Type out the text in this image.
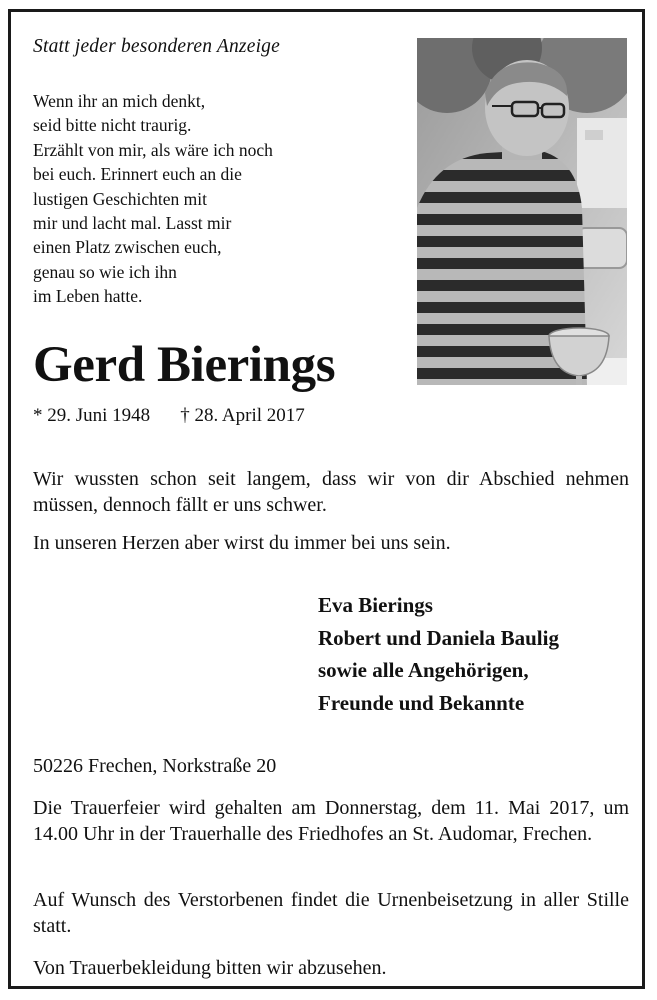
Statt jeder besonderen Anzeige

Wenn ihr an mich denkt,
seid bitte nicht traurig.
Erzählt von mir, als wäre ich noch
bei euch. Erinnert euch an die
lustigen Geschichten mit
mir und lacht mal. Lasst mir
einen Platz zwischen euch,
genau so wie ich ihn
im Leben hatte.
Gerd Bierings

* 29. Juni 1948 † 28. April 2017

Wir wussten schon seit langem, dass wir von dir Abschied nehmen müssen, dennoch fällt er uns schwer.

In unseren Herzen aber wirst du immer bei uns sein.

Eva Bierings
Robert und Daniela Baulig
sowie alle Angehörigen,
Freunde und Bekannte

50226 Frechen, Norkstraße 20

Die Trauerfeier wird gehalten am Donnerstag, dem 11. Mai 2017, um 14.00 Uhr in der Trauerhalle des Friedhofes an St. Audomar, Frechen.

Auf Wunsch des Verstorbenen findet die Urnenbeisetzung in aller Stille statt.

Von Trauerbekleidung bitten wir abzusehen.
